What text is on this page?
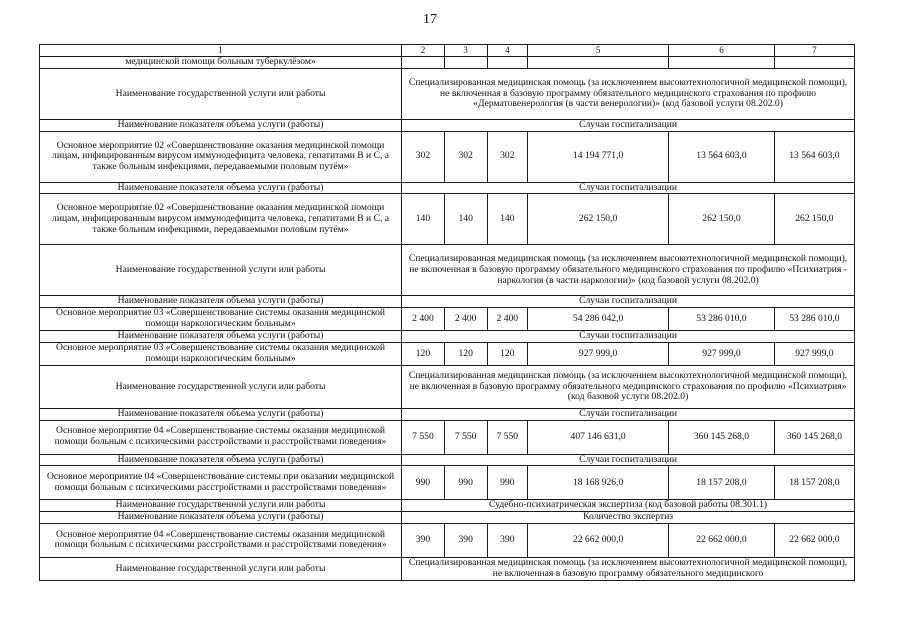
17
1	2	3	4	5	6	7
медицинской помощи больным туберкулёзом»						
Наименование государственной услуги или работы	Специализированная медицинская помощь (за исключением высокотехнологичной медицинской помощи), не включенная в базовую программу обязательного медицинского страхования по профилю «Дерматовенерология (в части венерологии)» (код базовой услуги 08.202.0)					
Наименование показателя объема услуги (работы)	Случаи госпитализации					
Основное мероприятие 02 «Совершенствование оказания медицинской помощи лицам, инфицированным вирусом иммунодефицита человека, гепатитами В и С, а также больным инфекциями, передаваемыми половым путём»	302	302	302	14 194 771,0	13 564 603,0	13 564 603,0
Наименование показателя объема услуги (работы)	Случаи госпитализации					
Основное мероприятие 02 «Совершенствование оказания медицинской помощи лицам, инфицированным вирусом иммунодефицита человека, гепатитами В и С, а также больным инфекциями, передаваемыми половым путём»	140	140	140	262 150,0	262 150,0	262 150,0
Наименование государственной услуги или работы	Специализированная медицинская помощь (за исключением высокотехнологичной медицинской помощи), не включенная в базовую программу обязательного медицинского страхования по профилю «Психиатрия - наркология (в части наркологии)» (код базовой услуги 08.202.0)					
Наименование показателя объема услуги (работы)	Случаи госпитализации					
Основное мероприятие 03 «Совершенствование системы оказания медицинской помощи наркологическим больным»	2 400	2 400	2 400	54 286 042,0	53 286 010,0	53 286 010,0
Наименование показателя объема услуги (работы)	Случаи госпитализации					
Основное мероприятие 03 «Совершенствование системы оказания медицинской помощи наркологическим больным»	120	120	120	927 999,0	927 999,0	927 999,0
Наименование государственной услуги или работы	Специализированная медицинская помощь (за исключением высокотехнологичной медицинской помощи), не включенная в базовую программу обязательного медицинского страхования по профилю «Психиатрия» (код базовой услуги 08.202.0)					
Наименование показателя объема услуги (работы)	Случаи госпитализации					
Основное мероприятие 04 «Совершенствование системы оказания медицинской помощи больным с психическими расстройствами и расстройствами поведения»	7 550	7 550	7 550	407 146 631,0	360 145 268,0	360 145 268,0
Наименование показателя объема услуги (работы)	Случаи госпитализации					
Основное мероприятие 04 «Совершенствование системы при оказании медицинской помощи больным с психическими расстройствами и расстройствами поведения»	990	990	990	18 168 926,0	18 157 208,0	18 157 208,0
Наименование государственной услуги или работы	Судебно-психиатрическая экспертиза (код базовой работы 08.301.1)					
Наименование показателя объема услуги (работы)	Количество экспертиз					
Основное мероприятие 04 «Совершенствование системы оказания медицинской помощи больным с психическими расстройствами и расстройствами поведения»	390	390	390	22 662 000,0	22 662 000,0	22 662 000,0
Наименование государственной услуги или работы	Специализированная медицинская помощь (за исключением высокотехнологичной медицинской помощи), не включенная в базовую программу обязательного медицинского					
